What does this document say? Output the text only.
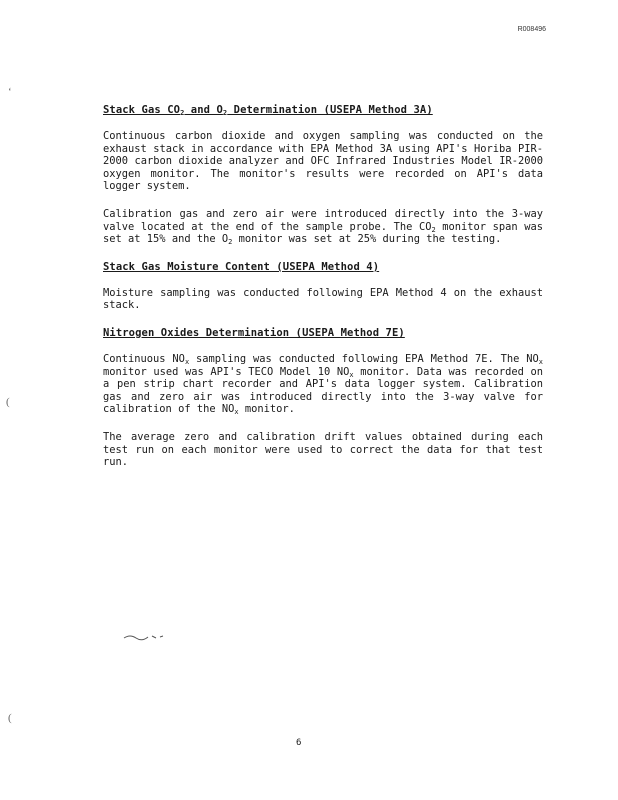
R008496
‘
(
(
Stack Gas $CO_2$ and $O_2$ Determination (USEPA Method 3A)
Continuous carbon dioxide and oxygen sampling was conducted on the exhaust stack in accordance with EPA Method 3A using API's Horiba PIR-2000 carbon dioxide analyzer and OFC Infrared Industries Model IR-2000 oxygen monitor. The monitor's results were recorded on API's data logger system.
Calibration gas and zero air were introduced directly into the 3-way valve located at the end of the sample probe. The $CO_2$ monitor span was set at 15% and the $O_2$ monitor was set at 25% during the testing.
Stack Gas Moisture Content (USEPA Method 4)
Moisture sampling was conducted following EPA Method 4 on the exhaust stack.
Nitrogen Oxides Determination (USEPA Method 7E)
Continuous $NO_x$ sampling was conducted following EPA Method 7E. The $NO_x$ monitor used was API's TECO Model 10 $NO_x$ monitor. Data was recorded on a pen strip chart recorder and API's data logger system. Calibration gas and zero air was introduced directly into the 3-way valve for calibration of the $NO_x$ monitor.
The average zero and calibration drift values obtained during each test run on each monitor were used to correct the data for that test run.
6
